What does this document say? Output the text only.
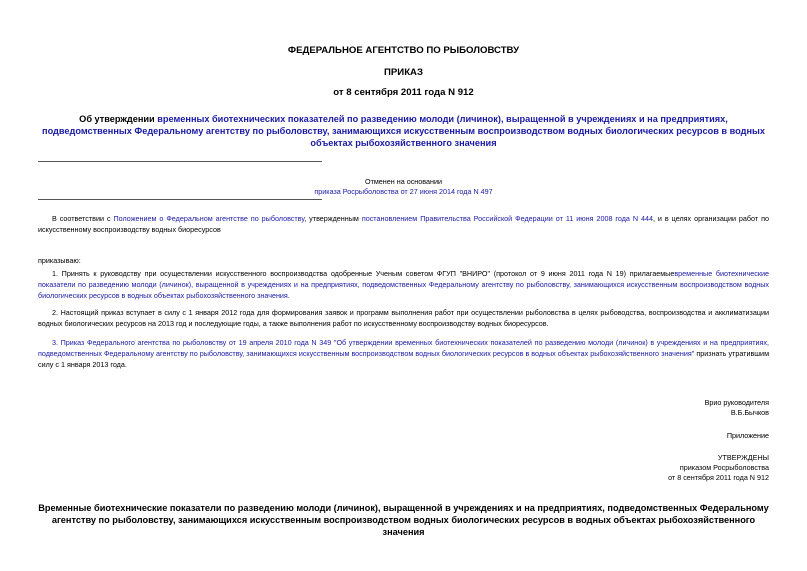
ФЕДЕРАЛЬНОЕ АГЕНТСТВО ПО РЫБОЛОВСТВУ
ПРИКАЗ
от 8 сентября 2011 года N 912
Об утверждении временных биотехнических показателей по разведению молоди (личинок), выращенной в учреждениях и на предприятиях, подведомственных Федеральному агентству по рыболовству, занимающихся искусственным воспроизводством водных биологических ресурсов в водных объектах рыбохозяйственного значения
Отменен на основании
приказа Росрыболовства от 27 июня 2014 года N 497
В соответствии с Положением о Федеральном агентстве по рыболовству, утвержденным постановлением Правительства Российской Федерации от 11 июня 2008 года N 444, и в целях организации работ по искусственному воспроизводству водных биоресурсов
приказываю:
1. Принять к руководству при осуществлении искусственного воспроизводства одобренные Ученым советом ФГУП "ВНИРО" (протокол от 9 июня 2011 года N 19) прилагаемыевременные биотехнические показатели по разведению молоди (личинок), выращенной в учреждениях и на предприятиях, подведомственных Федеральному агентству по рыболовству, занимающихся искусственным воспроизводством водных биологических ресурсов в водных объектах рыбохозяйственного значения.
2. Настоящий приказ вступает в силу с 1 января 2012 года для формирования заявок и программ выполнения работ при осуществлении рыболовства в целях рыбоводства, воспроизводства и акклиматизации водных биологических ресурсов на 2013 год и последующие годы, а также выполнения работ по искусственному воспроизводству водных биоресурсов.
3. Приказ Федерального агентства по рыболовству от 19 апреля 2010 года N 349 "Об утверждении временных биотехнических показателей по разведению молоди (личинок) в учреждениях и на предприятиях, подведомственных Федеральному агентству по рыболовству, занимающихся искусственным воспроизводством водных биологических ресурсов в водных объектах рыбохозяйственного значения" признать утратившим силу с 1 января 2013 года.
Врио руководителя
В.Б.Бычков
Приложение
УТВЕРЖДЕНЫ
приказом Росрыболовства
от 8 сентября 2011 года N 912
Временные биотехнические показатели по разведению молоди (личинок), выращенной в учреждениях и на предприятиях, подведомственных Федеральному агентству по рыболовству, занимающихся искусственным воспроизводством водных биологических ресурсов в водных объектах рыбохозяйственного значения
